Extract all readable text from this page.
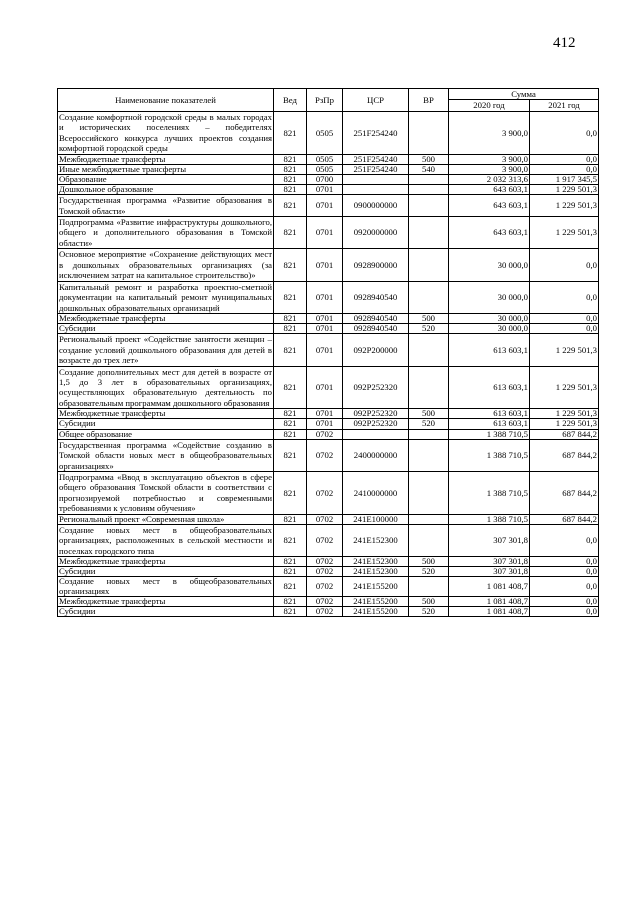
412
Наименование показателей	Вед	РзПр	ЦСР	ВР	Сумма	
					2020 год	2021 год
Создание комфортной городской среды в малых городах и исторических поселениях – победителях Всероссийского конкурса лучших проектов создания комфортной городской среды	821	0505	251F254240		3 900,0	0,0
Межбюджетные трансферты	821	0505	251F254240	500	3 900,0	0,0
Иные межбюджетные трансферты	821	0505	251F254240	540	3 900,0	0,0
Образование	821	0700			2 032 313,6	1 917 345,5
Дошкольное образование	821	0701			643 603,1	1 229 501,3
Государственная программа «Развитие образования в Томской области»	821	0701	0900000000		643 603,1	1 229 501,3
Подпрограмма «Развитие инфраструктуры дошкольного, общего и дополнительного образования в Томской области»	821	0701	0920000000		643 603,1	1 229 501,3
Основное мероприятие «Сохранение действующих мест в дошкольных образовательных организациях (за исключением затрат на капитальное строительство)»	821	0701	0928900000		30 000,0	0,0
Капитальный ремонт и разработка проектно-сметной документации на капитальный ремонт муниципальных дошкольных образовательных организаций	821	0701	0928940540		30 000,0	0,0
Межбюджетные трансферты	821	0701	0928940540	500	30 000,0	0,0
Субсидии	821	0701	0928940540	520	30 000,0	0,0
Региональный проект «Содействие занятости женщин – создание условий дошкольного образования для детей в возрасте до трех лет»	821	0701	092P200000		613 603,1	1 229 501,3
Создание дополнительных мест для детей в возрасте от 1,5 до 3 лет в образовательных организациях, осуществляющих образовательную деятельность по образовательным программам дошкольного образования	821	0701	092P252320		613 603,1	1 229 501,3
Межбюджетные трансферты	821	0701	092P252320	500	613 603,1	1 229 501,3
Субсидии	821	0701	092P252320	520	613 603,1	1 229 501,3
Общее образование	821	0702			1 388 710,5	687 844,2
Государственная программа «Содействие созданию в Томской области новых мест в общеобразовательных организациях»	821	0702	2400000000		1 388 710,5	687 844,2
Подпрограмма «Ввод в эксплуатацию объектов в сфере общего образования Томской области в соответствии с прогнозируемой потребностью и современными требованиями к условиям обучения»	821	0702	2410000000		1 388 710,5	687 844,2
Региональный проект «Современная школа»	821	0702	241E100000		1 388 710,5	687 844,2
Создание новых мест в общеобразовательных организациях, расположенных в сельской местности и поселках городского типа	821	0702	241E152300		307 301,8	0,0
Межбюджетные трансферты	821	0702	241E152300	500	307 301,8	0,0
Субсидии	821	0702	241E152300	520	307 301,8	0,0
Создание новых мест в общеобразовательных организациях	821	0702	241E155200		1 081 408,7	0,0
Межбюджетные трансферты	821	0702	241E155200	500	1 081 408,7	0,0
Субсидии	821	0702	241E155200	520	1 081 408,7	0,0
